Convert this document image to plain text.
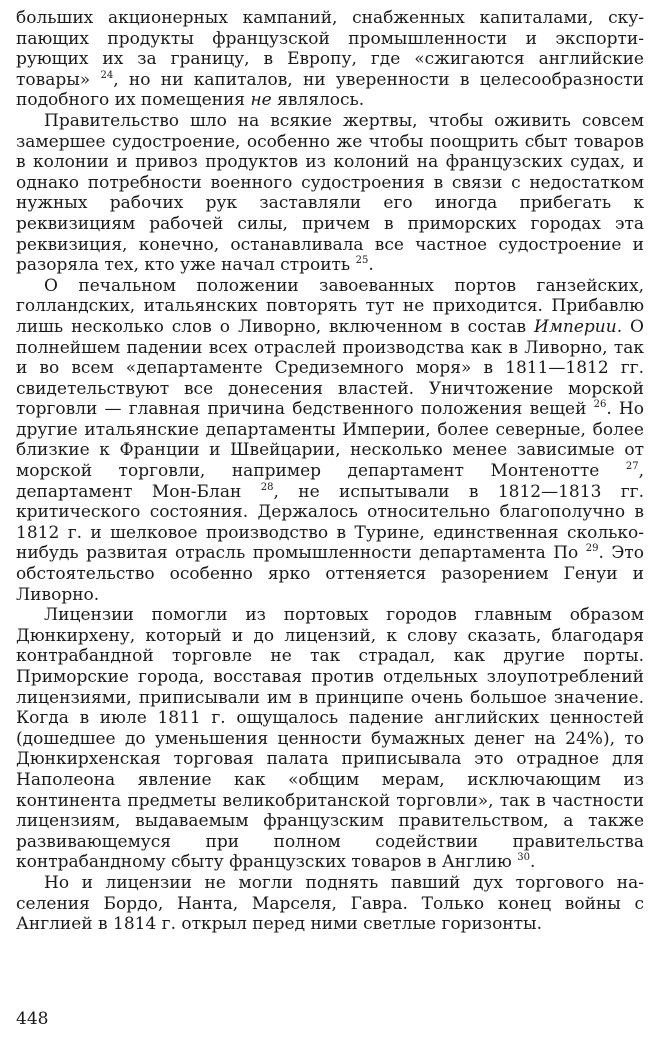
больших акционерных кампаний, снабженных капиталами, скупающих продукты французской промышленности и экспортирующих их за границу, в Европу, где «сжигаются английские товары» $^{24}$, но ни капиталов, ни уверенности в целесообразности подобного их помещения не являлось.

Правительство шло на всякие жертвы, чтобы оживить совсем замершее судостроение, особенно же чтобы поощрить сбыт товаров в колонии и привоз продуктов из колоний на французских судах, и однако потребности военного судостроения в связи с недостатком нужных рабочих рук заставляли его иногда прибегать к реквизициям рабочей силы, причем в приморских городах эта реквизиция, конечно, останавливала все частное судостроение и разоряла тех, кто уже начал строить $^{25}$.

О печальном положении завоеванных портов ганзейских, голландских, итальянских повторять тут не приходится. Прибавлю лишь несколько слов о Ливорно, включенном в состав Империи. О полнейшем падении всех отраслей производства как в Ливорно, так и во всем «департаменте Средиземного моря» в 1811—1812 гг. свидетельствуют все донесения властей. Уничтожение морской торговли — главная причина бедственного положения вещей $^{26}$. Но другие итальянские департаменты Империи, более северные, более близкие к Франции и Швейцарии, несколько менее зависимые от морской торговли, например департамент Монтенотте $^{27}$, департамент Мон-Блан $^{28}$, не испытывали в 1812—1813 гг. критического состояния. Держалось относительно благополучно в 1812 г. и шелковое производство в Турине, единственная сколько-нибудь развитая отрасль промышленности департамента По $^{29}$. Это обстоятельство особенно ярко оттеняется разорением Генуи и Ливорно.

Лицензии помогли из портовых городов главным образом Дюнкирхену, который и до лицензий, к слову сказать, благодаря контрабандной торговле не так страдал, как другие порты. Приморские города, восставая против отдельных злоупотреблений лицензиями, приписывали им в принципе очень большое значение. Когда в июле 1811 г. ощущалось падение английских ценностей (дошедшее до уменьшения ценности бумажных денег на 24%), то Дюнкирхенская торговая палата приписывала это отрадное для Наполеона явление как «общим мерам, исключающим из континента предметы великобританской торговли», так в частности лицензиям, выдаваемым французским правительством, а также развивающемуся при полном содействии правительства контрабандному сбыту французских товаров в Англию $^{30}$.

Но и лицензии не могли поднять павший дух торгового населения Бордо, Нанта, Марселя, Гавра. Только конец войны с Англией в 1814 г. открыл перед ними светлые горизонты.

448
